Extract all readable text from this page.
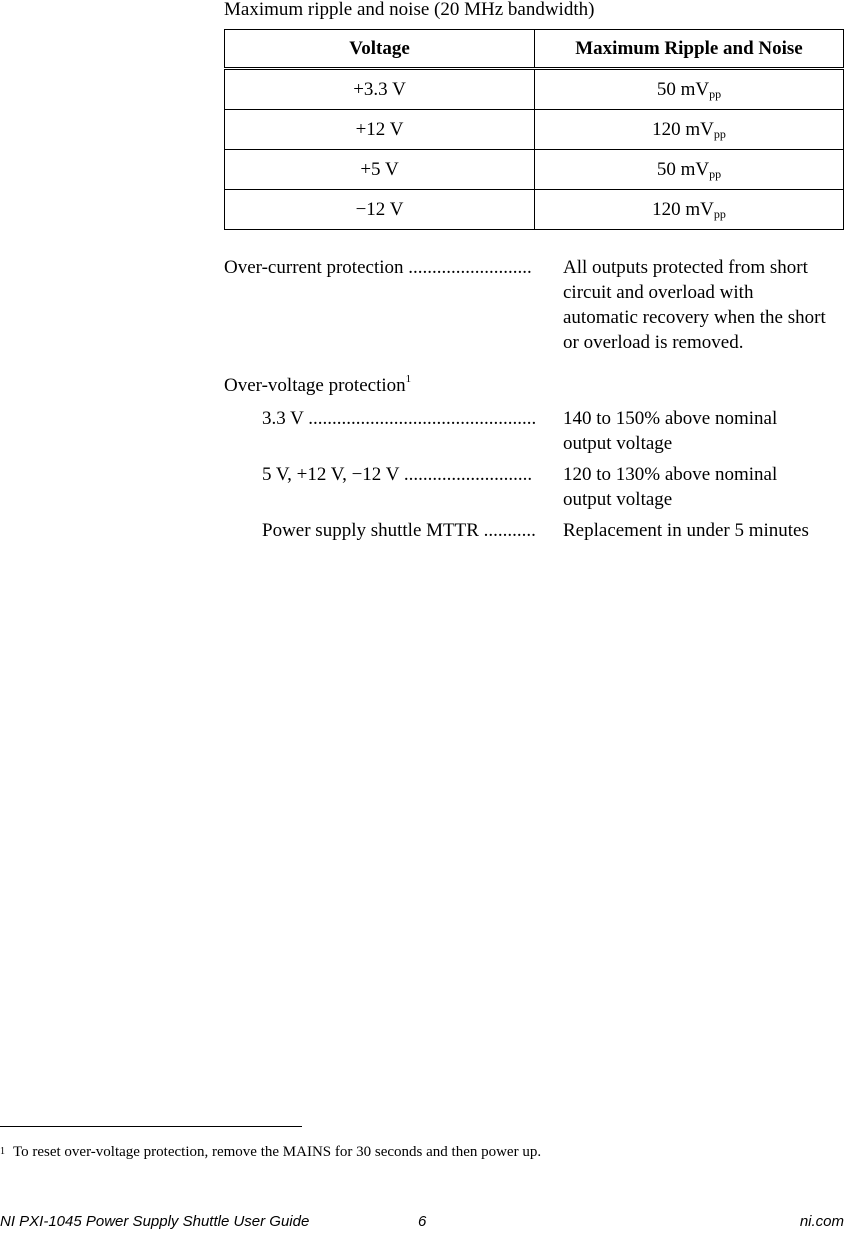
Maximum ripple and noise (20 MHz bandwidth)
Voltage	Maximum Ripple and Noise
+3.3 V	50 $mV_{pp}$
+12 V	120 $mV_{pp}$
+5 V	50 $mV_{pp}$
−12 V	120 $mV_{pp}$
Over-current protection .......................... All outputs protected from short circuit and overload with automatic recovery when the short or overload is removed.
Over-voltage protection$^1$
3.3 V ................................................ 140 to 150% above nominal output voltage
5 V, +12 V, −12 V ........................... 120 to 130% above nominal output voltage
Power supply shuttle MTTR ........... Replacement in under 5 minutes
$^1$ To reset over-voltage protection, remove the MAINS for 30 seconds and then power up.
NI PXI-1045 Power Supply Shuttle User Guide	6	ni.com
